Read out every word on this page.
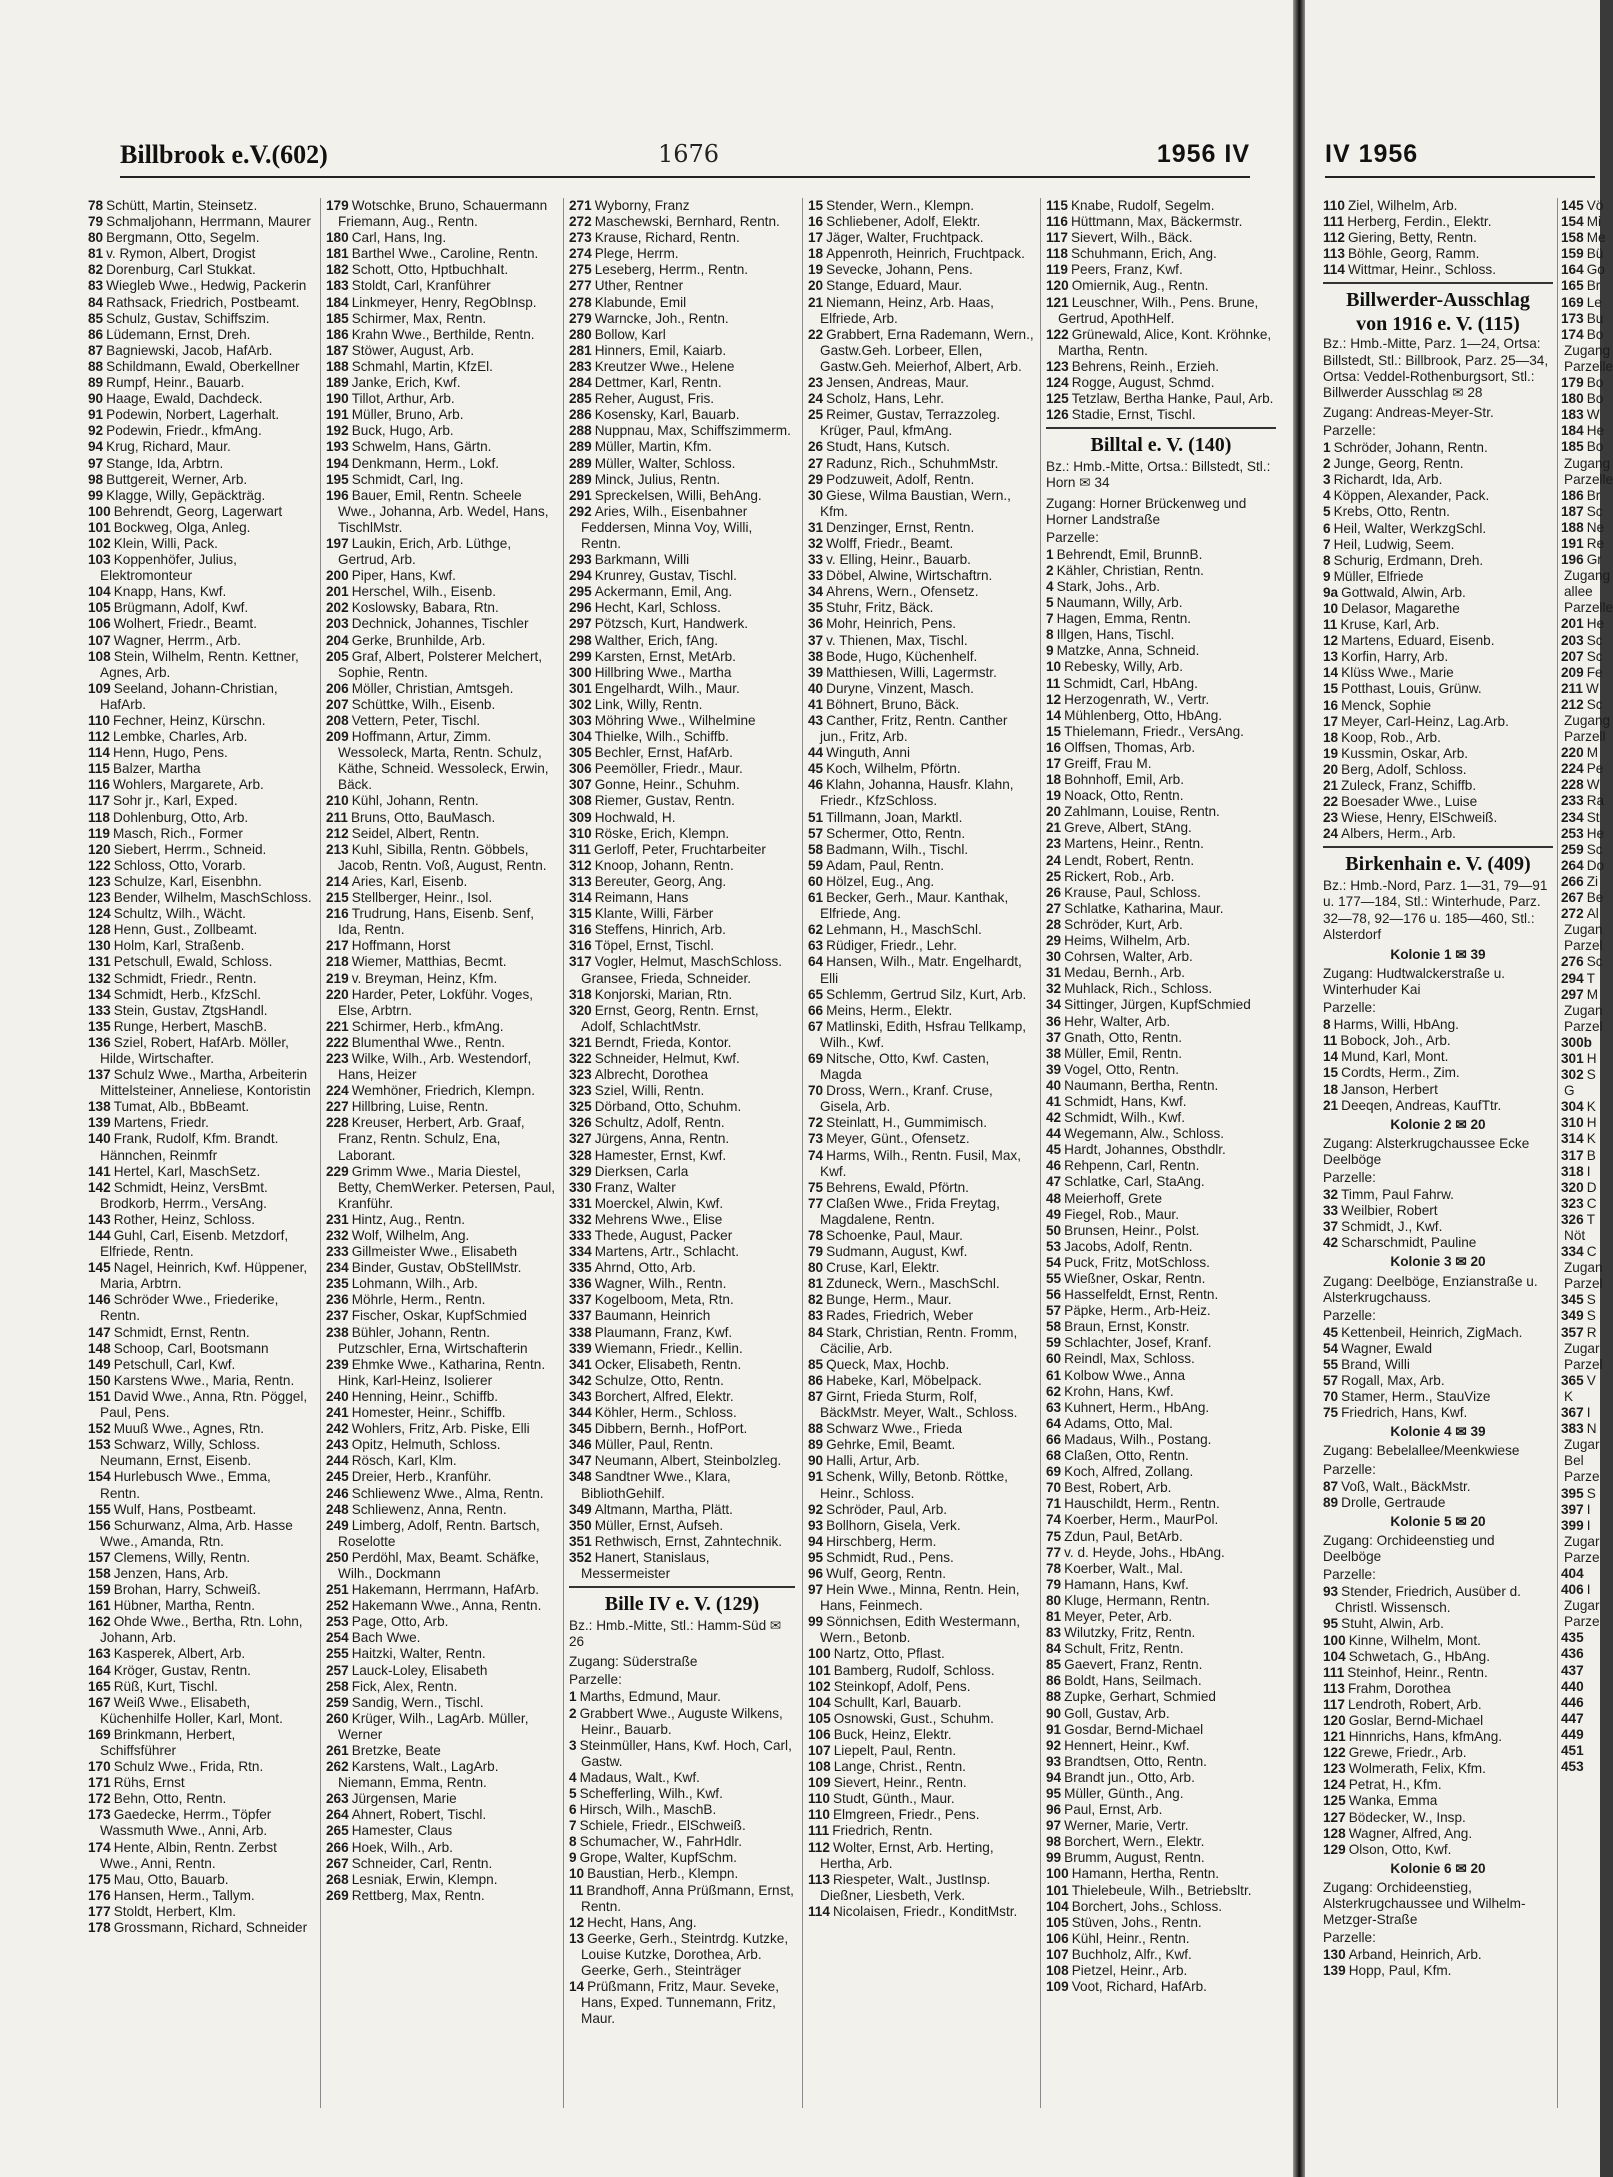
Billbrook e.V.(602)	1676	1956 IV

78 Schütt, Martin, Steinsetz.

79 Schmaljohann, Herrmann, Maurer

80 Bergmann, Otto, Segelm.

81 v. Rymon, Albert, Drogist

82 Dorenburg, Carl Stukkat.

83 Wiegleb Wwe., Hedwig, Packerin

84 Rathsack, Friedrich, Postbeamt.

85 Schulz, Gustav, Schiffszim.

86 Lüdemann, Ernst, Dreh.

87 Bagniewski, Jacob, HafArb.

88 Schildmann, Ewald, Oberkellner

89 Rumpf, Heinr., Bauarb.

90 Haage, Ewald, Dachdeck.

91 Podewin, Norbert, Lagerhalt.

92 Podewin, Friedr., kfmAng.

94 Krug, Richard, Maur.

97 Stange, Ida, Arbtrn.

98 Buttgereit, Werner, Arb.

99 Klagge, Willy, Gepäckträg.

100 Behrendt, Georg, Lagerwart

101 Bockweg, Olga, Anleg.

102 Klein, Willi, Pack.

103 Koppenhöfer, Julius, Elektromonteur

104 Knapp, Hans, Kwf.

105 Brügmann, Adolf, Kwf.

106 Wolhert, Friedr., Beamt.

107 Wagner, Herrm., Arb.

108 Stein, Wilhelm, Rentn. Kettner, Agnes, Arb.

109 Seeland, Johann-Christian, HafArb.

110 Fechner, Heinz, Kürschn.

112 Lembke, Charles, Arb.

114 Henn, Hugo, Pens.

115 Balzer, Martha

116 Wohlers, Margarete, Arb.

117 Sohr jr., Karl, Exped.

118 Dohlenburg, Otto, Arb.

119 Masch, Rich., Former

120 Siebert, Herrm., Schneid.

122 Schloss, Otto, Vorarb.

123 Schulze, Karl, Eisenbhn.

123 Bender, Wilhelm, MaschSchloss.

124 Schultz, Wilh., Wächt.

128 Henn, Gust., Zollbeamt.

130 Holm, Karl, Straßenb.

131 Petschull, Ewald, Schloss.

132 Schmidt, Friedr., Rentn.

134 Schmidt, Herb., KfzSchl.

133 Stein, Gustav, ZtgsHandl.

135 Runge, Herbert, MaschB.

136 Sziel, Robert, HafArb. Möller, Hilde, Wirtschafter.

137 Schulz Wwe., Martha, Arbeiterin Mittelsteiner, Anneliese, Kontoristin

138 Tumat, Alb., BbBeamt.

139 Martens, Friedr.

140 Frank, Rudolf, Kfm. Brandt. Hännchen, Reinmfr

141 Hertel, Karl, MaschSetz.

142 Schmidt, Heinz, VersBmt. Brodkorb, Herrm., VersAng.

143 Rother, Heinz, Schloss.

144 Guhl, Carl, Eisenb. Metzdorf, Elfriede, Rentn.

145 Nagel, Heinrich, Kwf. Hüppener, Maria, Arbtrn.

146 Schröder Wwe., Friederike, Rentn.

147 Schmidt, Ernst, Rentn.

148 Schoop, Carl, Bootsmann

149 Petschull, Carl, Kwf.

150 Karstens Wwe., Maria, Rentn.

151 David Wwe., Anna, Rtn. Pöggel, Paul, Pens.

152 Muuß Wwe., Agnes, Rtn.

153 Schwarz, Willy, Schloss. Neumann, Ernst, Eisenb.

154 Hurlebusch Wwe., Emma, Rentn.

155 Wulf, Hans, Postbeamt.

156 Schurwanz, Alma, Arb. Hasse Wwe., Amanda, Rtn.

157 Clemens, Willy, Rentn.

158 Jenzen, Hans, Arb.

159 Brohan, Harry, Schweiß.

161 Hübner, Martha, Rentn.

162 Ohde Wwe., Bertha, Rtn. Lohn, Johann, Arb.

163 Kasperek, Albert, Arb.

164 Kröger, Gustav, Rentn.

165 Rüß, Kurt, Tischl.

167 Weiß Wwe., Elisabeth, Küchenhilfe Holler, Karl, Mont.

169 Brinkmann, Herbert, Schiffsführer

170 Schulz Wwe., Frida, Rtn.

171 Rühs, Ernst

172 Behn, Otto, Rentn.

173 Gaedecke, Herrm., Töpfer Wassmuth Wwe., Anni, Arb.

174 Hente, Albin, Rentn. Zerbst Wwe., Anni, Rentn.

175 Mau, Otto, Bauarb.

176 Hansen, Herm., Tallym.

177 Stoldt, Herbert, Klm.

178 Grossmann, Richard, Schneider

179 Wotschke, Bruno, Schauermann Friemann, Aug., Rentn.

180 Carl, Hans, Ing.

181 Barthel Wwe., Caroline, Rentn.

182 Schott, Otto, HptbuchhaIt.

183 Stoldt, Carl, Kranführer

184 Linkmeyer, Henry, RegObInsp.

185 Schirmer, Max, Rentn.

186 Krahn Wwe., Berthilde, Rentn.

187 Stöwer, August, Arb.

188 Schmahl, Martin, KfzEl.

189 Janke, Erich, Kwf.

190 Tillot, Arthur, Arb.

191 Müller, Bruno, Arb.

192 Buck, Hugo, Arb.

193 Schwelm, Hans, Gärtn.

194 Denkmann, Herm., Lokf.

195 Schmidt, Carl, Ing.

196 Bauer, Emil, Rentn. Scheele Wwe., Johanna, Arb. Wedel, Hans, TischlMstr.

197 Laukin, Erich, Arb. Lüthge, Gertrud, Arb.

200 Piper, Hans, Kwf.

201 Herschel, Wilh., Eisenb.

202 Koslowsky, Babara, Rtn.

203 Dechnick, Johannes, Tischler

204 Gerke, Brunhilde, Arb.

205 Graf, Albert, Polsterer Melchert, Sophie, Rentn.

206 Möller, Christian, Amtsgeh.

207 Schüttke, Wilh., Eisenb.

208 Vettern, Peter, Tischl.

209 Hoffmann, Artur, Zimm. Wessoleck, Marta, Rentn. Schulz, Käthe, Schneid. Wessoleck, Erwin, Bäck.

210 Kühl, Johann, Rentn.

211 Bruns, Otto, BauMasch.

212 Seidel, Albert, Rentn.

213 Kuhl, Sibilla, Rentn. Göbbels, Jacob, Rentn. Voß, August, Rentn.

214 Aries, Karl, Eisenb.

215 Stellberger, Heinr., Isol.

216 Trudrung, Hans, Eisenb. Senf, Ida, Rentn.

217 Hoffmann, Horst

218 Wiemer, Matthias, Becmt.

219 v. Breyman, Heinz, Kfm.

220 Harder, Peter, Lokführ. Voges, Else, Arbtrn.

221 Schirmer, Herb., kfmAng.

222 Blumenthal Wwe., Rentn.

223 Wilke, Wilh., Arb. Westendorf, Hans, Heizer

224 Wemhöner, Friedrich, Klempn.

227 Hillbring, Luise, Rentn.

228 Kreuser, Herbert, Arb. Graaf, Franz, Rentn. Schulz, Ena, Laborant.

229 Grimm Wwe., Maria Diestel, Betty, ChemWerker. Petersen, Paul, Kranführ.

231 Hintz, Aug., Rentn.

232 Wolf, Wilhelm, Ang.

233 Gillmeister Wwe., Elisabeth

234 Binder, Gustav, ObStellMstr.

235 Lohmann, Wilh., Arb.

236 Möhrle, Herm., Rentn.

237 Fischer, Oskar, KupfSchmied

238 Bühler, Johann, Rentn. Putzschler, Erna, Wirtschafterin

239 Ehmke Wwe., Katharina, Rentn. Hink, Karl-Heinz, Isolierer

240 Henning, Heinr., Schiffb.

241 Homester, Heinr., Schiffb.

242 Wohlers, Fritz, Arb. Piske, Elli

243 Opitz, Helmuth, Schloss.

244 Rösch, Karl, Klm.

245 Dreier, Herb., Kranführ.

246 Schliewenz Wwe., Alma, Rentn.

248 Schliewenz, Anna, Rentn.

249 Limberg, Adolf, Rentn. Bartsch, Roselotte

250 Perdöhl, Max, Beamt. Schäfke, Wilh., Dockmann

251 Hakemann, Herrmann, HafArb.

252 Hakemann Wwe., Anna, Rentn.

253 Page, Otto, Arb.

254 Bach Wwe.

255 Haitzki, Walter, Rentn.

257 Lauck-Loley, Elisabeth

258 Fick, Alex, Rentn.

259 Sandig, Wern., Tischl.

260 Krüger, Wilh., LagArb. Müller, Werner

261 Bretzke, Beate

262 Karstens, Walt., LagArb. Niemann, Emma, Rentn.

263 Jürgensen, Marie

264 Ahnert, Robert, Tischl.

265 Hamester, Claus

266 Hoek, Wilh., Arb.

267 Schneider, Carl, Rentn.

268 Lesniak, Erwin, Klempn.

269 Rettberg, Max, Rentn.

271 Wyborny, Franz

272 Maschewski, Bernhard, Rentn.

273 Krause, Richard, Rentn.

274 Plege, Herrm.

275 Leseberg, Herrm., Rentn.

277 Uther, Rentner

278 Klabunde, Emil

279 Warncke, Joh., Rentn.

280 Bollow, Karl

281 Hinners, Emil, Kaiarb.

283 Kreutzer Wwe., Helene

284 Dettmer, Karl, Rentn.

285 Reher, August, Fris.

286 Kosensky, Karl, Bauarb.

288 Nuppnau, Max, Schiffszimmerm.

289 Müller, Martin, Kfm.

289 Müller, Walter, Schloss.

289 Minck, Julius, Rentn.

291 Spreckelsen, Willi, BehAng.

292 Aries, Wilh., Eisenbahner Feddersen, Minna Voy, Willi, Rentn.

293 Barkmann, Willi

294 Krunrey, Gustav, Tischl.

295 Ackermann, Emil, Ang.

296 Hecht, Karl, Schloss.

297 Pötzsch, Kurt, Handwerk.

298 Walther, Erich, fAng.

299 Karsten, Ernst, MetArb.

300 Hillbring Wwe., Martha

301 Engelhardt, Wilh., Maur.

302 Link, Willy, Rentn.

303 Möhring Wwe., Wilhelmine

304 Thielke, Wilh., Schiffb.

305 Bechler, Ernst, HafArb.

306 Peemöller, Friedr., Maur.

307 Gonne, Heinr., Schuhm.

308 Riemer, Gustav, Rentn.

309 Hochwald, H.

310 Röske, Erich, Klempn.

311 Gerloff, Peter, Fruchtarbeiter

312 Knoop, Johann, Rentn.

313 Bereuter, Georg, Ang.

314 Reimann, Hans

315 Klante, Willi, Färber

316 Steffens, Hinrich, Arb.

316 Töpel, Ernst, Tischl.

317 Vogler, Helmut, MaschSchloss. Gransee, Frieda, Schneider.

318 Konjorski, Marian, Rtn.

320 Ernst, Georg, Rentn. Ernst, Adolf, SchlachtMstr.

321 Berndt, Frieda, Kontor.

322 Schneider, Helmut, Kwf.

323 Albrecht, Dorothea

323 Sziel, Willi, Rentn.

325 Dörband, Otto, Schuhm.

326 Schultz, Adolf, Rentn.

327 Jürgens, Anna, Rentn.

328 Hamester, Ernst, Kwf.

329 Dierksen, Carla

330 Franz, Walter

331 Moerckel, Alwin, Kwf.

332 Mehrens Wwe., Elise

333 Thede, August, Packer

334 Martens, Artr., Schlacht.

335 Ahrnd, Otto, Arb.

336 Wagner, Wilh., Rentn.

337 Kogelboom, Meta, Rtn.

337 Baumann, Heinrich

338 Plaumann, Franz, Kwf.

339 Wiemann, Friedr., Kellin.

341 Ocker, Elisabeth, Rentn.

342 Schulze, Otto, Rentn.

343 Borchert, Alfred, Elektr.

344 Köhler, Herm., Schloss.

345 Dibbern, Bernh., HofPort.

346 Müller, Paul, Rentn.

347 Neumann, Albert, Steinbolzleg.

348 Sandtner Wwe., Klara, BibliothGehilf.

349 Altmann, Martha, Plätt.

350 Müller, Ernst, Aufseh.

351 Rethwisch, Ernst, Zahntechnik.

352 Hanert, Stanislaus, Messermeister

Bille IV e. V. (129)
Bz.: Hmb.-Mitte, Stl.: Hamm-Süd ✉ 26
Zugang: Süderstraße
Parzelle:

1 Marths, Edmund, Maur.

2 Grabbert Wwe., Auguste Wilkens, Heinr., Bauarb.

3 Steinmüller, Hans, Kwf. Hoch, Carl, Gastw.

4 Madaus, Walt., Kwf.

5 Schefferling, Wilh., Kwf.

6 Hirsch, Wilh., MaschB.

7 Schiele, Friedr., ElSchweiß.

8 Schumacher, W., FahrHdlr.

9 Grope, Walter, KupfSchm.

10 Baustian, Herb., Klempn.

11 Brandhoff, Anna Prüßmann, Ernst, Rentn.

12 Hecht, Hans, Ang.

13 Geerke, Gerh., Steintrdg. Kutzke, Louise Kutzke, Dorothea, Arb. Geerke, Gerh., Steinträger

14 Prüßmann, Fritz, Maur. Seveke, Hans, Exped. Tunnemann, Fritz, Maur.

15 Stender, Wern., Klempn.

16 Schliebener, Adolf, Elektr.

17 Jäger, Walter, Fruchtpack.

18 Appenroth, Heinrich, Fruchtpack.

19 Sevecke, Johann, Pens.

20 Stange, Eduard, Maur.

21 Niemann, Heinz, Arb. Haas, Elfriede, Arb.

22 Grabbert, Erna Rademann, Wern., Gastw.Geh. Lorbeer, Ellen, Gastw.Geh. Meierhof, Albert, Arb.

23 Jensen, Andreas, Maur.

24 Scholz, Hans, Lehr.

25 Reimer, Gustav, Terrazzoleg. Krüger, Paul, kfmAng.

26 Studt, Hans, Kutsch.

27 Radunz, Rich., SchuhmMstr.

29 Podzuweit, Adolf, Rentn.

30 Giese, Wilma Baustian, Wern., Kfm.

31 Denzinger, Ernst, Rentn.

32 Wolff, Friedr., Beamt.

33 v. Elling, Heinr., Bauarb.

33 Döbel, Alwine, Wirtschaftrn.

34 Ahrens, Wern., Ofensetz.

35 Stuhr, Fritz, Bäck.

36 Mohr, Heinrich, Pens.

37 v. Thienen, Max, Tischl.

38 Bode, Hugo, Küchenhelf.

39 Matthiesen, Willi, Lagermstr.

40 Duryne, Vinzent, Masch.

41 Böhnert, Bruno, Bäck.

43 Canther, Fritz, Rentn. Canther jun., Fritz, Arb.

44 Winguth, Anni

45 Koch, Wilhelm, Pförtn.

46 Klahn, Johanna, Hausfr. Klahn, Friedr., KfzSchloss.

51 Tillmann, Joan, Marktl.

57 Schermer, Otto, Rentn.

58 Badmann, Wilh., Tischl.

59 Adam, Paul, Rentn.

60 Hölzel, Eug., Ang.

61 Becker, Gerh., Maur. Kanthak, Elfriede, Ang.

62 Lehmann, H., MaschSchl.

63 Rüdiger, Friedr., Lehr.

64 Hansen, Wilh., Matr. Engelhardt, Elli

65 Schlemm, Gertrud Silz, Kurt, Arb.

66 Meins, Herm., Elektr.

67 Matlinski, Edith, Hsfrau Tellkamp, Wilh., Kwf.

69 Nitsche, Otto, Kwf. Casten, Magda

70 Dross, Wern., Kranf. Cruse, Gisela, Arb.

72 Steinlatt, H., Gummimisch.

73 Meyer, Günt., Ofensetz.

74 Harms, Wilh., Rentn. Fusil, Max, Kwf.

75 Behrens, Ewald, Pförtn.

77 Claßen Wwe., Frida Freytag, Magdalene, Rentn.

78 Schoenke, Paul, Maur.

79 Sudmann, August, Kwf.

80 Cruse, Karl, Elektr.

81 Zduneck, Wern., MaschSchl.

82 Bunge, Herm., Maur.

83 Rades, Friedrich, Weber

84 Stark, Christian, Rentn. Fromm, Cäcilie, Arb.

85 Queck, Max, Hochb.

86 Habeke, Karl, Möbelpack.

87 Girnt, Frieda Sturm, Rolf, BäckMstr. Meyer, Walt., Schloss.

88 Schwarz Wwe., Frieda

89 Gehrke, Emil, Beamt.

90 Halli, Artur, Arb.

91 Schenk, Willy, Betonb. Röttke, Heinr., Schloss.

92 Schröder, Paul, Arb.

93 Bollhorn, Gisela, Verk.

94 Hirschberg, Herm.

95 Schmidt, Rud., Pens.

96 Wulf, Georg, Rentn.

97 Hein Wwe., Minna, Rentn. Hein, Hans, Feinmech.

99 Sönnichsen, Edith Westermann, Wern., Betonb.

100 Nartz, Otto, Pflast.

101 Bamberg, Rudolf, Schloss.

102 Steinkopf, Adolf, Pens.

104 Schullt, Karl, Bauarb.

105 Osnowski, Gust., Schuhm.

106 Buck, Heinz, Elektr.

107 Liepelt, Paul, Rentn.

108 Lange, Christ., Rentn.

109 Sievert, Heinr., Rentn.

110 Studt, Günth., Maur.

110 Elmgreen, Friedr., Pens.

111 Friedrich, Rentn.

112 Wolter, Ernst, Arb. Herting, Hertha, Arb.

113 Riespeter, Walt., JustInsp. Dießner, Liesbeth, Verk.

114 Nicolaisen, Friedr., KonditMstr.

115 Knabe, Rudolf, Segelm.

116 Hüttmann, Max, Bäckermstr.

117 Sievert, Wilh., Bäck.

118 Schuhmann, Erich, Ang.

119 Peers, Franz, Kwf.

120 Omiernik, Aug., Rentn.

121 Leuschner, Wilh., Pens. Brune, Gertrud, ApothHelf.

122 Grünewald, Alice, Kont. Kröhnke, Martha, Rentn.

123 Behrens, Reinh., Erzieh.

124 Rogge, August, Schmd.

125 Tetzlaw, Bertha Hanke, Paul, Arb.

126 Stadie, Ernst, Tischl.

Billtal e. V. (140)
Bz.: Hmb.-Mitte, Ortsa.: Billstedt, Stl.: Horn ✉ 34
Zugang: Horner Brückenweg und Horner Landstraße
Parzelle:

1 Behrendt, Emil, BrunnB.

2 Kähler, Christian, Rentn.

4 Stark, Johs., Arb.

5 Naumann, Willy, Arb.

7 Hagen, Emma, Rentn.

8 Illgen, Hans, Tischl.

9 Matzke, Anna, Schneid.

10 Rebesky, Willy, Arb.

11 Schmidt, Carl, HbAng.

12 Herzogenrath, W., Vertr.

14 Mühlenberg, Otto, HbAng.

15 Thielemann, Friedr., VersAng.

16 Olffsen, Thomas, Arb.

17 Greiff, Frau M.

18 Bohnhoff, Emil, Arb.

19 Noack, Otto, Rentn.

20 Zahlmann, Louise, Rentn.

21 Greve, Albert, StAng.

23 Martens, Heinr., Rentn.

24 Lendt, Robert, Rentn.

25 Rickert, Rob., Arb.

26 Krause, Paul, Schloss.

27 Schlatke, Katharina, Maur.

28 Schröder, Kurt, Arb.

29 Heims, Wilhelm, Arb.

30 Cohrsen, Walter, Arb.

31 Medau, Bernh., Arb.

32 Muhlack, Rich., Schloss.

34 Sittinger, Jürgen, KupfSchmied

36 Hehr, Walter, Arb.

37 Gnath, Otto, Rentn.

38 Müller, Emil, Rentn.

39 Vogel, Otto, Rentn.

40 Naumann, Bertha, Rentn.

41 Schmidt, Hans, Kwf.

42 Schmidt, Wilh., Kwf.

44 Wegemann, Alw., Schloss.

45 Hardt, Johannes, Obsthdlr.

46 Rehpenn, Carl, Rentn.

47 Schlatke, Carl, StaAng.

48 Meierhoff, Grete

49 Fiegel, Rob., Maur.

50 Brunsen, Heinr., Polst.

53 Jacobs, Adolf, Rentn.

54 Puck, Fritz, MotSchloss.

55 Wießner, Oskar, Rentn.

56 Hasselfeldt, Ernst, Rentn.

57 Päpke, Herm., Arb-Heiz.

58 Braun, Ernst, Konstr.

59 Schlachter, Josef, Kranf.

60 Reindl, Max, Schloss.

61 Kolbow Wwe., Anna

62 Krohn, Hans, Kwf.

63 Kuhnert, Herm., HbAng.

64 Adams, Otto, Mal.

66 Madaus, Wilh., Postang.

68 Claßen, Otto, Rentn.

69 Koch, Alfred, Zollang.

70 Best, Robert, Arb.

71 Hauschildt, Herm., Rentn.

74 Koerber, Herm., MaurPol.

75 Zdun, Paul, BetArb.

77 v. d. Heyde, Johs., HbAng.

78 Koerber, Walt., Mal.

79 Hamann, Hans, Kwf.

80 Kluge, Hermann, Rentn.

81 Meyer, Peter, Arb.

83 Wilutzky, Fritz, Rentn.

84 Schult, Fritz, Rentn.

85 Gaevert, Franz, Rentn.

86 Boldt, Hans, Seilmach.

88 Zupke, Gerhart, Schmied

90 Goll, Gustav, Arb.

91 Gosdar, Bernd-Michael

92 Hennert, Heinr., Kwf.

93 Brandtsen, Otto, Rentn.

94 Brandt jun., Otto, Arb.

95 Müller, Günth., Ang.

96 Paul, Ernst, Arb.

97 Werner, Marie, Vertr.

98 Borchert, Wern., Elektr.

99 Brumm, August, Rentn.

100 Hamann, Hertha, Rentn.

101 Thielebeule, Wilh., Betriebsltr.

104 Borchert, Johs., Schloss.

105 Stüven, Johs., Rentn.

106 Kühl, Heinr., Rentn.

107 Buchholz, Alfr., Kwf.

108 Pietzel, Heinr., Arb.

109 Voot, Richard, HafArb.

IV 1956

110 Ziel, Wilhelm, Arb.

111 Herberg, Ferdin., Elektr.

112 Giering, Betty, Rentn.

113 Böhle, Georg, Ramm.

114 Wittmar, Heinr., Schloss.

Billwerder-Ausschlag
von 1916 e. V. (115)
Bz.: Hmb.-Mitte, Parz. 1—24, Ortsa: Billstedt, Stl.: Billbrook, Parz. 25—34, Ortsa: Veddel-Rothenburgsort, Stl.: Billwerder Ausschlag ✉ 28
Zugang: Andreas-Meyer-Str.
Parzelle:

1 Schröder, Johann, Rentn.

2 Junge, Georg, Rentn.

3 Richardt, Ida, Arb.

4 Köppen, Alexander, Pack.

5 Krebs, Otto, Rentn.

6 Heil, Walter, WerkzgSchl.

7 Heil, Ludwig, Seem.

8 Schurig, Erdmann, Dreh.

9 Müller, Elfriede

9a Gottwald, Alwin, Arb.

10 Delasor, Magarethe

11 Kruse, Karl, Arb.

12 Martens, Eduard, Eisenb.

13 Korfin, Harry, Arb.

14 Klüss Wwe., Marie

15 Potthast, Louis, Grünw.

16 Menck, Sophie

17 Meyer, Carl-Heinz, Lag.Arb.

18 Koop, Rob., Arb.

19 Kussmin, Oskar, Arb.

20 Berg, Adolf, Schloss.

21 Zuleck, Franz, Schiffb.

22 Boesader Wwe., Luise

23 Wiese, Henry, ElSchweiß.

24 Albers, Herm., Arb.

Birkenhain e. V. (409)
Bz.: Hmb.-Nord, Parz. 1—31, 79—91 u. 177—184, Stl.: Winterhude, Parz. 32—78, 92—176 u. 185—460, Stl.: Alsterdorf
Kolonie 1 ✉ 39
Zugang: Hudtwalckerstraße u. Winterhuder Kai
Parzelle:

8 Harms, Willi, HbAng.

11 Bobock, Joh., Arb.

14 Mund, Karl, Mont.

15 Cordts, Herm., Zim.

18 Janson, Herbert

21 Deeqen, Andreas, KaufTtr.

Kolonie 2 ✉ 20
Zugang: Alsterkrugchaussee Ecke Deelböge
Parzelle:

32 Timm, Paul Fahrw.

33 Weilbier, Robert

37 Schmidt, J., Kwf.

42 Scharschmidt, Pauline

Kolonie 3 ✉ 20
Zugang: Deelböge, Enzianstraße u. Alsterkrugchauss.
Parzelle:

45 Kettenbeil, Heinrich, ZigMach.

54 Wagner, Ewald

55 Brand, Willi

57 Rogall, Max, Arb.

70 Stamer, Herm., StauVize

75 Friedrich, Hans, Kwf.

Kolonie 4 ✉ 39
Zugang: Bebelallee/Meenkwiese
Parzelle:

87 Voß, Walt., BäckMstr.

89 Drolle, Gertraude

Kolonie 5 ✉ 20
Zugang: Orchideenstieg und Deelböge
Parzelle:

93 Stender, Friedrich, Ausüber d. Christl. Wissensch.

95 Stuht, Alwin, Arb.

100 Kinne, Wilhelm, Mont.

104 Schwetach, G., HbAng.

111 Steinhof, Heinr., Rentn.

113 Frahm, Dorothea

117 Lendroth, Robert, Arb.

120 Goslar, Bernd-Michael

121 Hinnrichs, Hans, kfmAng.

122 Grewe, Friedr., Arb.

123 Wolmerath, Felix, Kfm.

124 Petrat, H., Kfm.

125 Wanka, Emma

127 Bödecker, W., Insp.

128 Wagner, Alfred, Ang.

129 Olson, Otto, Kwf.

Kolonie 6 ✉ 20
Zugang: Orchideenstieg, Alsterkrugchaussee und Wilhelm-Metzger-Straße
Parzelle:

130 Arband, Heinrich, Arb.

139 Hopp, Paul, Kfm.

145 Vö

154 Mi

158 Me

159 Bü

164 Go

165 Br

169 Le

173 Bu

174 Bo

Zugang

Parzelle

179 Bo

180 Bo

183 W

184 He

185 Bo

Zugang

Parzelle

186 Br

187 Sc

188 Ne

191 Re

196 Gr

Zugang

allee

Parzelle

201 He

203 Sc

207 Sc

209 Fe

211 W

212 Sc

Zugang

Parzell

220 M

224 Pe

228 W

233 Ra

234 St

253 He

259 Sc

264 Do

266 Zi

267 Be

272 Al

Zugan

Parzel

276 Sc

294 T

297 M

Zugan

Parzel

300b

301 H

302 S

G

304 K

310 H

314 K

317 B

318 I

320 D

323 C

326 T

Nöt

334 C

Zugan

Parzel

345 S

349 S

357 R

Zugar

Parzel

365 V

K

367 I

383 N

Zugar

Bel

Parze

395 S

397 I

399 I

Zugar

Parze

404

406 I

Zugar

Parze

435

436

437

440

446

447

449

451

453
